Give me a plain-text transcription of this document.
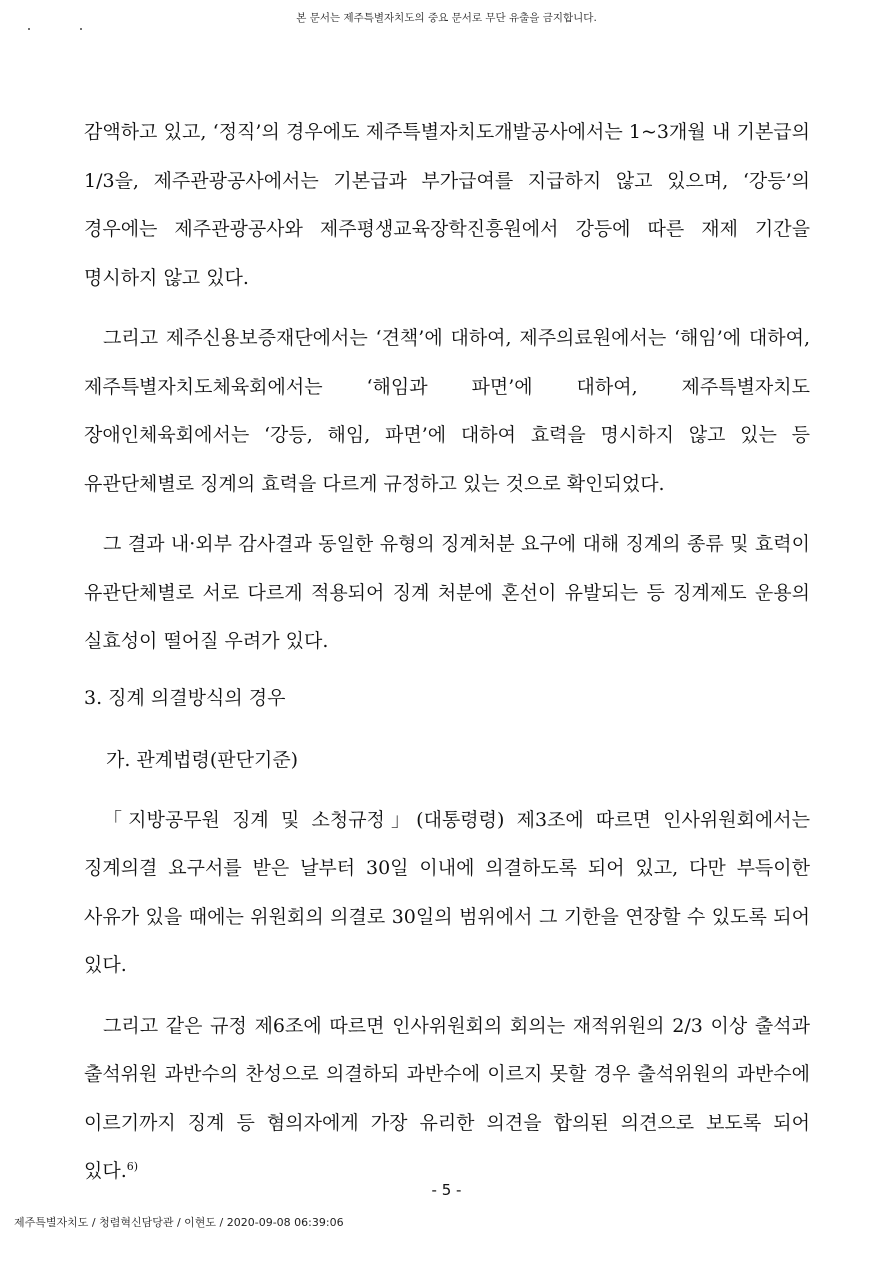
본 문서는 제주특별자치도의 중요 문서로 무단 유출을 금지합니다.

감액하고 있고, ‘정직’의 경우에도 제주특별자치도개발공사에서는 1~3개월 내 기본급의 1/3을, 제주관광공사에서는 기본급과 부가급여를 지급하지 않고 있으며, ‘강등’의 경우에는 제주관광공사와 제주평생교육장학진흥원에서 강등에 따른 재제 기간을 명시하지 않고 있다.

그리고 제주신용보증재단에서는 ‘견책’에 대하여, 제주의료원에서는 ‘해임’에 대하여, 제주특별자치도체육회에서는 ‘해임과 파면’에 대하여, 제주특별자치도 장애인체육회에서는 ‘강등, 해임, 파면’에 대하여 효력을 명시하지 않고 있는 등 유관단체별로 징계의 효력을 다르게 규정하고 있는 것으로 확인되었다.

그 결과 내·외부 감사결과 동일한 유형의 징계처분 요구에 대해 징계의 종류 및 효력이 유관단체별로 서로 다르게 적용되어 징계 처분에 혼선이 유발되는 등 징계제도 운용의 실효성이 떨어질 우려가 있다.

3. 징계 의결방식의 경우
가. 관계법령(판단기준)

「지방공무원 징계 및 소청규정」(대통령령) 제3조에 따르면 인사위원회에서는 징계의결 요구서를 받은 날부터 30일 이내에 의결하도록 되어 있고, 다만 부득이한 사유가 있을 때에는 위원회의 의결로 30일의 범위에서 그 기한을 연장할 수 있도록 되어 있다.

그리고 같은 규정 제6조에 따르면 인사위원회의 회의는 재적위원의 2/3 이상 출석과 출석위원 과반수의 찬성으로 의결하되 과반수에 이르지 못할 경우 출석위원의 과반수에 이르기까지 징계 등 혐의자에게 가장 유리한 의견을 합의된 의견으로 보도록 되어 있다.$^{6)}$

- 5 -
제주특별자치도 / 청렴혁신담당관 / 이현도 / 2020-09-08 06:39:06
